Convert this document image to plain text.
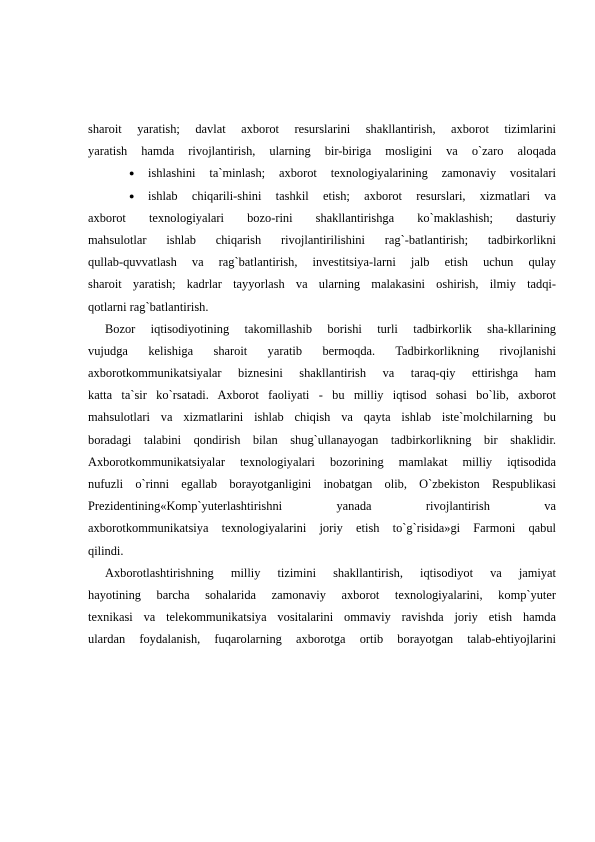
sharoit yaratish; davlat axborot resurslarini shakllantirish, axborot tizimlarini
yaratish hamda rivojlantirish, ularning bir-biriga mosligini va o`zaro aloqada
● ishlashini ta`minlash; axborot texnologiyalarining zamonaviy vositalari
● ishlab chiqarili-shini tashkil etish; axborot resurslari, xizmatlari va
axborot texnologiyalari bozo-rini shakllantirishga ko`maklashish; dasturiy
mahsulotlar ishlab chiqarish rivojlantirilishini rag`-batlantirish; tadbirkorlikni
qullab-quvvatlash va rag`batlantirish, investitsiya-larni jalb etish uchun qulay
sharoit yaratish; kadrlar tayyorlash va ularning malakasini oshirish, ilmiy tadqi-
qotlarni rag`batlantirish.
Bozor iqtisodiyotining takomillashib borishi turli tadbirkorlik sha-kllarining
vujudga kelishiga sharoit yaratib bermoqda. Tadbirkorlikning rivojlanishi
axborotkommunikatsiyalar biznesini shakllantirish va taraq-qiy ettirishga ham
katta ta`sir ko`rsatadi. Axborot faoliyati - bu milliy iqtisod sohasi bo`lib, axborot
mahsulotlari va xizmatlarini ishlab chiqish va qayta ishlab iste`molchilarning bu
boradagi talabini qondirish bilan shug`ullanayogan tadbirkorlikning bir shaklidir.
Axborotkommunikatsiyalar texnologiyalari bozorining mamlakat milliy iqtisodida
nufuzli o`rinni egallab borayotganligini inobatgan olib, O`zbekiston Respublikasi
Prezidentining«Komp`yuterlashtirishni yanada rivojlantirish va
axborotkommunikatsiya texnologiyalarini joriy etish to`g`risida»gi Farmoni qabul
qilindi.
Axborotlashtirishning milliy tizimini shakllantirish, iqtisodiyot va jamiyat
hayotining barcha sohalarida zamonaviy axborot texnologiyalarini, komp`yuter
texnikasi va telekommunikatsiya vositalarini ommaviy ravishda joriy etish hamda
ulardan foydalanish, fuqarolarning axborotga ortib borayotgan talab-ehtiyojlarini
